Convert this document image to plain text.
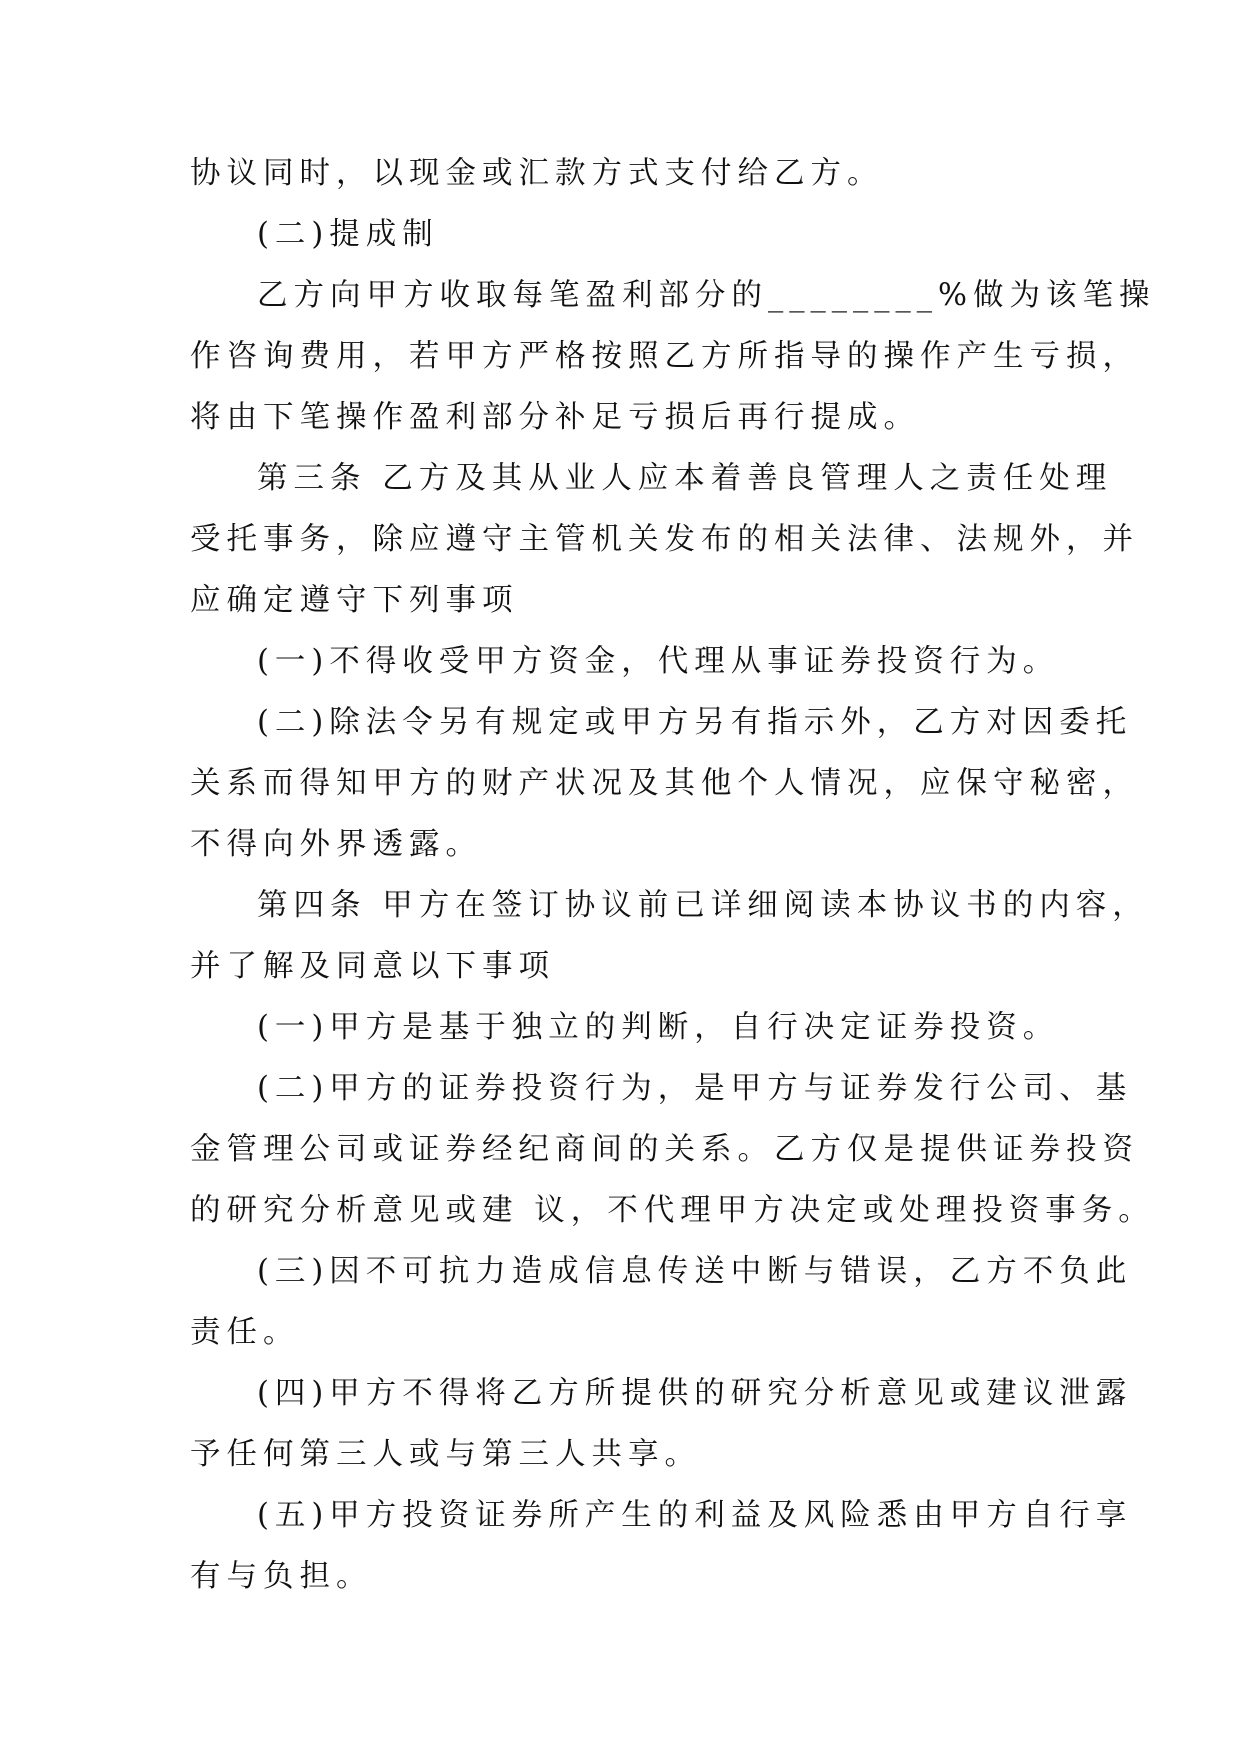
协议同时，以现金或汇款方式支付给乙方。

(二)提成制

乙方向甲方收取每笔盈利部分的________%做为该笔操
作咨询费用，若甲方严格按照乙方所指导的操作产生亏损，
将由下笔操作盈利部分补足亏损后再行提成。

第三条 乙方及其从业人应本着善良管理人之责任处理
受托事务，除应遵守主管机关发布的相关法律、法规外，并
应确定遵守下列事项

(一)不得收受甲方资金，代理从事证券投资行为。

(二)除法令另有规定或甲方另有指示外，乙方对因委托
关系而得知甲方的财产状况及其他个人情况，应保守秘密，
不得向外界透露。

第四条 甲方在签订协议前已详细阅读本协议书的内容，
并了解及同意以下事项

(一)甲方是基于独立的判断，自行决定证券投资。

(二)甲方的证券投资行为，是甲方与证券发行公司、基
金管理公司或证券经纪商间的关系。乙方仅是提供证券投资
的研究分析意见或建 议，不代理甲方决定或处理投资事务。

(三)因不可抗力造成信息传送中断与错误，乙方不负此
责任。

(四)甲方不得将乙方所提供的研究分析意见或建议泄露
予任何第三人或与第三人共享。

(五)甲方投资证券所产生的利益及风险悉由甲方自行享
有与负担。
